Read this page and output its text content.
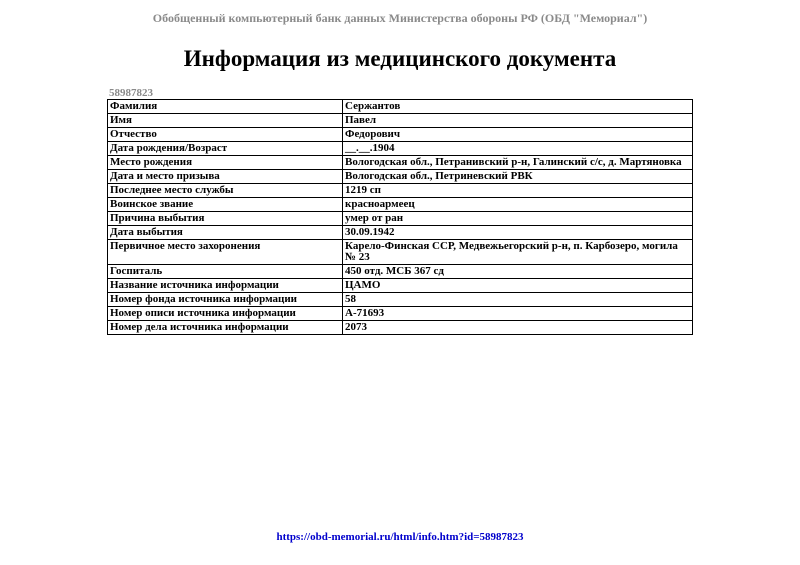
Обобщенный компьютерный банк данных Министерства обороны РФ (ОБД "Мемориал")
Информация из медицинского документа
58987823
Фамилия	Сержантов
Имя	Павел
Отчество	Федорович
Дата рождения/Возраст	__.__.1904
Место рождения	Вологодская обл., Петранивский р-н, Галинский с/с, д. Мартяновка
Дата и место призыва	Вологодская обл., Петриневский РВК
Последнее место службы	1219 сп
Воинское звание	красноармеец
Причина выбытия	умер от ран
Дата выбытия	30.09.1942
Первичное место захоронения	Карело-Финская ССР, Медвежьегорский р-н, п. Карбозеро, могила № 23
Госпиталь	450 отд. МСБ 367 сд
Название источника информации	ЦАМО
Номер фонда источника информации	58
Номер описи источника информации	А-71693
Номер дела источника информации	2073
https://obd-memorial.ru/html/info.htm?id=58987823
